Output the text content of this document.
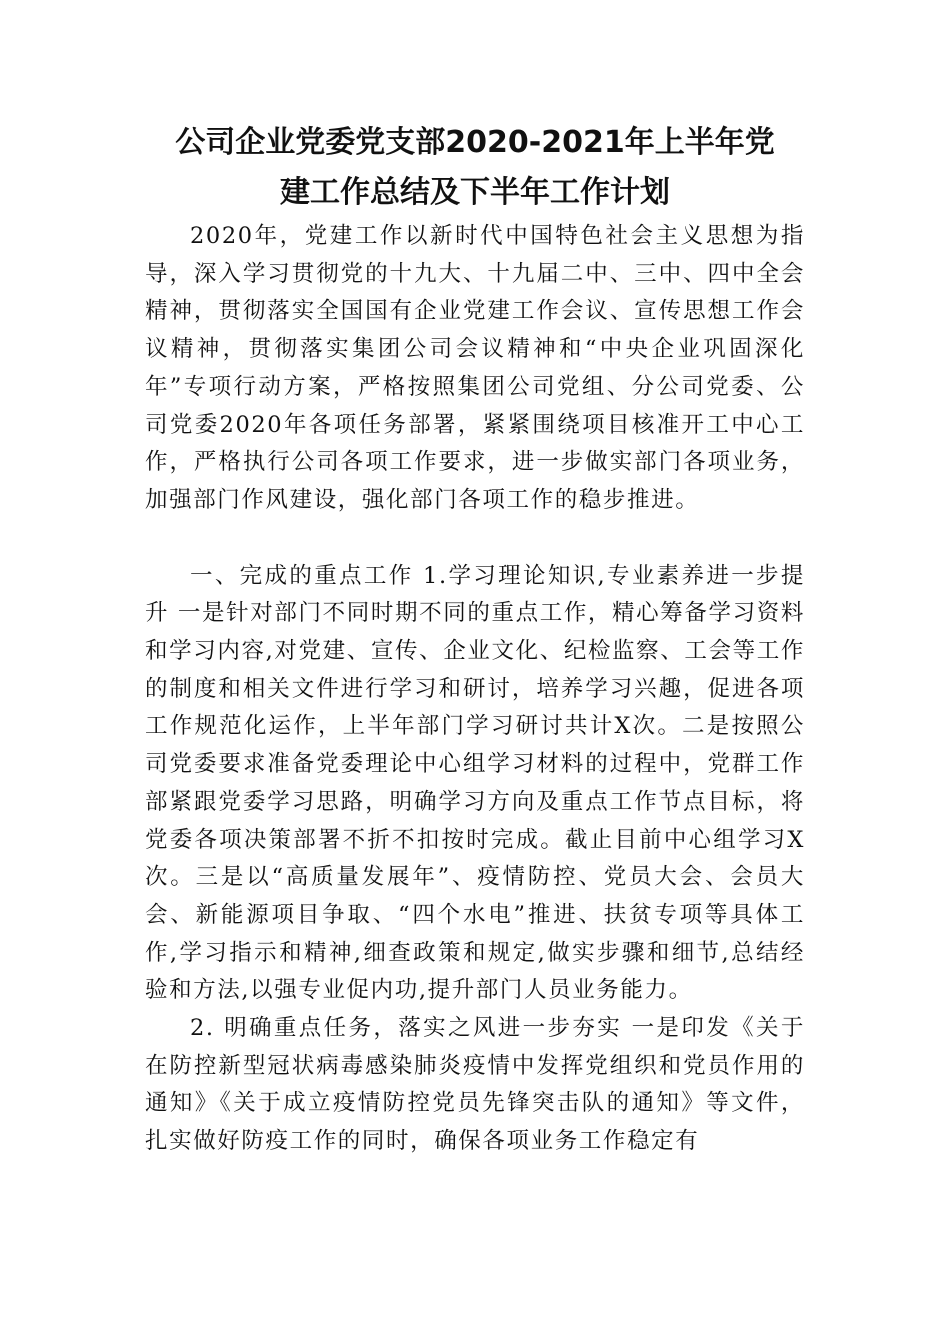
公司企业党委党支部2020-2021年上半年党
建工作总结及下半年工作计划

2020年，党建工作以新时代中国特色社会主义思想为指导，深入学习贯彻党的十九大、十九届二中、三中、四中全会精神，贯彻落实全国国有企业党建工作会议、宣传思想工作会议精神，贯彻落实集团公司会议精神和“中央企业巩固深化年”专项行动方案，严格按照集团公司党组、分公司党委、公司党委2020年各项任务部署，紧紧围绕项目核准开工中心工作，严格执行公司各项工作要求，进一步做实部门各项业务，加强部门作风建设，强化部门各项工作的稳步推进。

一、完成的重点工作 1.学习理论知识,专业素养进一步提升 一是针对部门不同时期不同的重点工作，精心筹备学习资料和学习内容,对党建、宣传、企业文化、纪检监察、工会等工作的制度和相关文件进行学习和研讨，培养学习兴趣，促进各项工作规范化运作，上半年部门学习研讨共计X次。二是按照公司党委要求准备党委理论中心组学习材料的过程中，党群工作部紧跟党委学习思路，明确学习方向及重点工作节点目标，将党委各项决策部署不折不扣按时完成。截止目前中心组学习X次。三是以“高质量发展年”、疫情防控、党员大会、会员大会、新能源项目争取、“四个水电”推进、扶贫专项等具体工作,学习指示和精神,细查政策和规定,做实步骤和细节,总结经验和方法,以强专业促内功,提升部门人员业务能力。

2. 明确重点任务，落实之风进一步夯实 一是印发《关于在防控新型冠状病毒感染肺炎疫情中发挥党组织和党员作用的通知》《关于成立疫情防控党员先锋突击队的通知》等文件，扎实做好防疫工作的同时，确保各项业务工作稳定有
